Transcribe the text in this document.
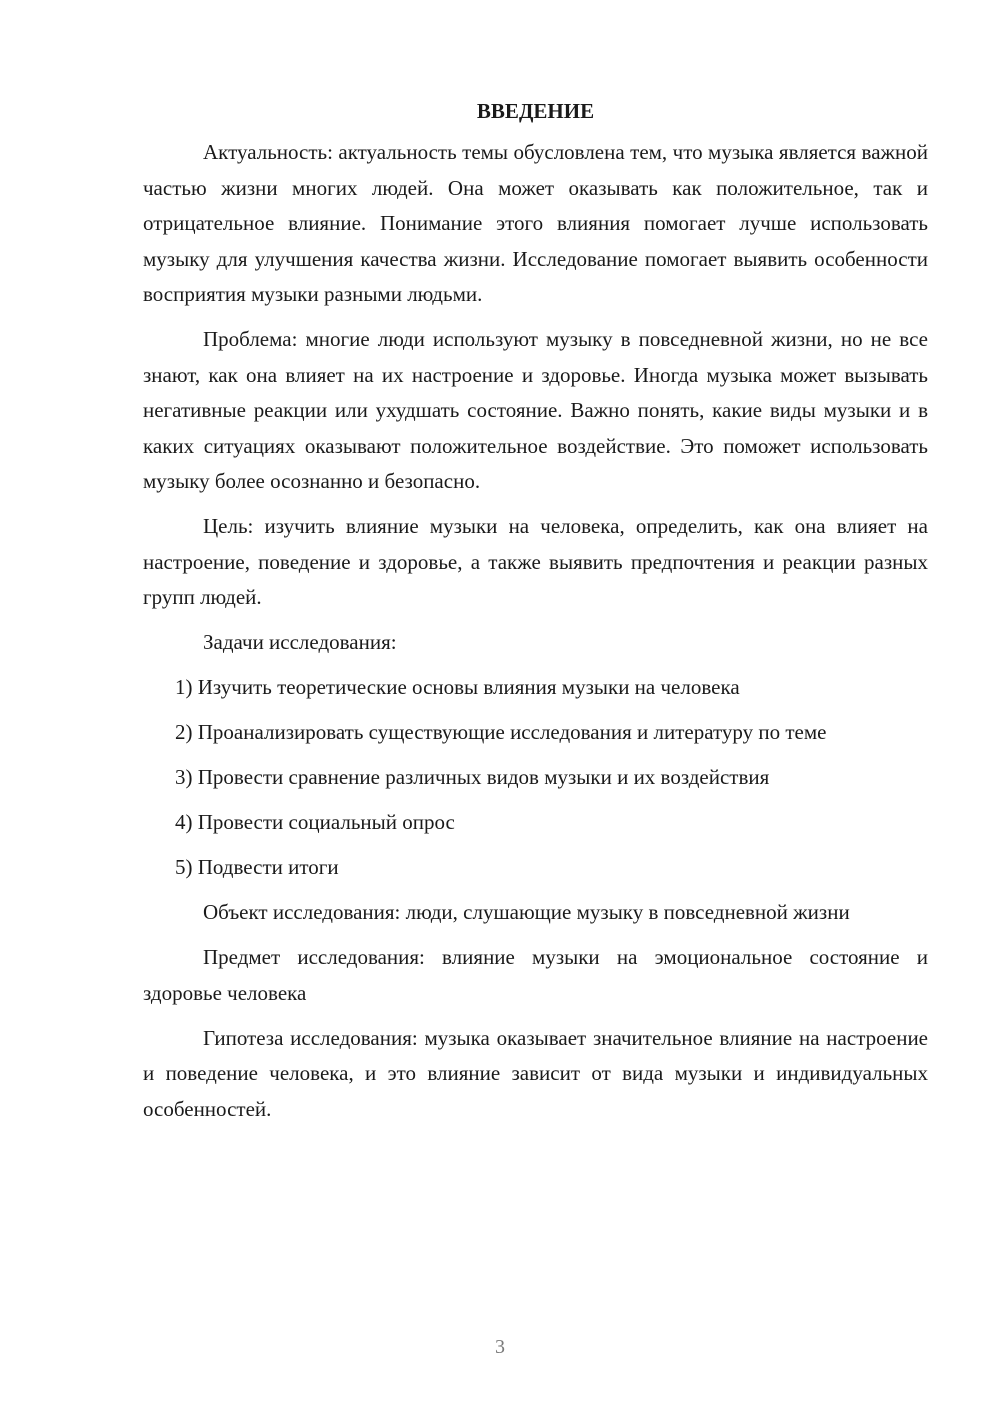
ВВЕДЕНИЕ

Актуальность: актуальность темы обусловлена тем, что музыка является важной частью жизни многих людей. Она может оказывать как положительное, так и отрицательное влияние. Понимание этого влияния помогает лучше использовать музыку для улучшения качества жизни. Исследование помогает выявить особенности восприятия музыки разными людьми.

Проблема: многие люди используют музыку в повседневной жизни, но не все знают, как она влияет на их настроение и здоровье. Иногда музыка может вызывать негативные реакции или ухудшать состояние. Важно понять, какие виды музыки и в каких ситуациях оказывают положительное воздействие. Это поможет использовать музыку более осознанно и безопасно.

Цель: изучить влияние музыки на человека, определить, как она влияет на настроение, поведение и здоровье, а также выявить предпочтения и реакции разных групп людей.

Задачи исследования:

1) Изучить теоретические основы влияния музыки на человека

2) Проанализировать существующие исследования и литературу по теме

3) Провести сравнение различных видов музыки и их воздействия

4) Провести социальный опрос

5) Подвести итоги

Объект исследования: люди, слушающие музыку в повседневной жизни

Предмет исследования: влияние музыки на эмоциональное состояние и здоровье человека

Гипотеза исследования: музыка оказывает значительное влияние на настроение и поведение человека, и это влияние зависит от вида музыки и индивидуальных особенностей.

3
